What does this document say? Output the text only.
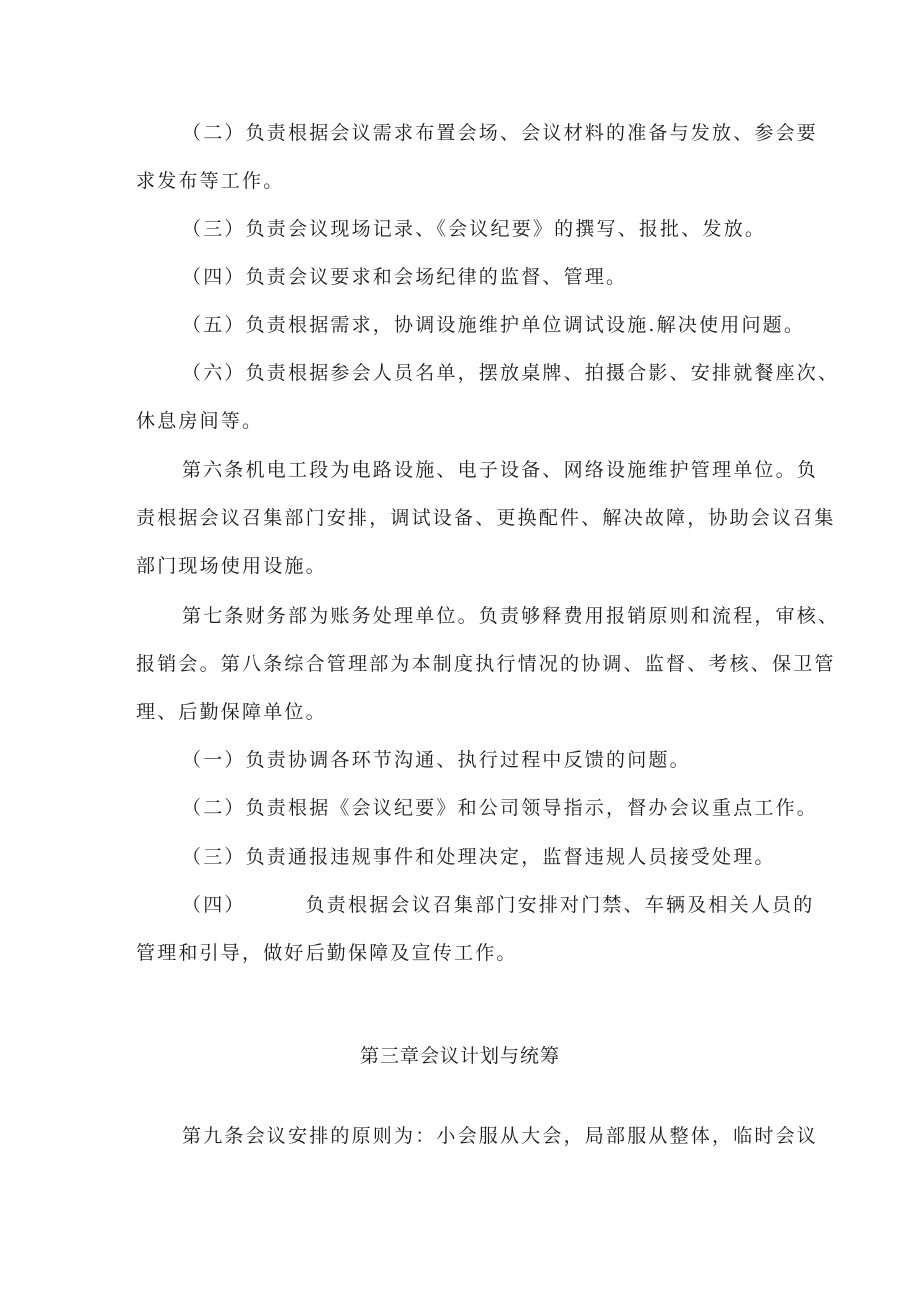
（二）负责根据会议需求布置会场、会议材料的准备与发放、参会要
求发布等工作。
（三）负责会议现场记录、《会议纪要》的撰写、报批、发放。
（四）负责会议要求和会场纪律的监督、管理。
（五）负责根据需求，协调设施维护单位调试设施.解决使用问题。
（六）负责根据参会人员名单，摆放桌牌、拍摄合影、安排就餐座次、
休息房间等。
第六条机电工段为电路设施、电子设备、网络设施维护管理单位。负
责根据会议召集部门安排，调试设备、更换配件、解决故障，协助会议召集
部门现场使用设施。
第七条财务部为账务处理单位。负责够释费用报销原则和流程，审核、
报销会。第八条综合管理部为本制度执行情况的协调、监督、考核、保卫管
理、后勤保障单位。
（一）负责协调各环节沟通、执行过程中反馈的问题。
（二）负责根据《会议纪要》和公司领导指示，督办会议重点工作。
（三）负责通报违规事件和处理决定，监督违规人员接受处理。
（四）	负责根据会议召集部门安排对门禁、车辆及相关人员的
管理和引导，做好后勤保障及宣传工作。
第三章会议计划与统筹
第九条会议安排的原则为：小会服从大会，局部服从整体，临时会议
